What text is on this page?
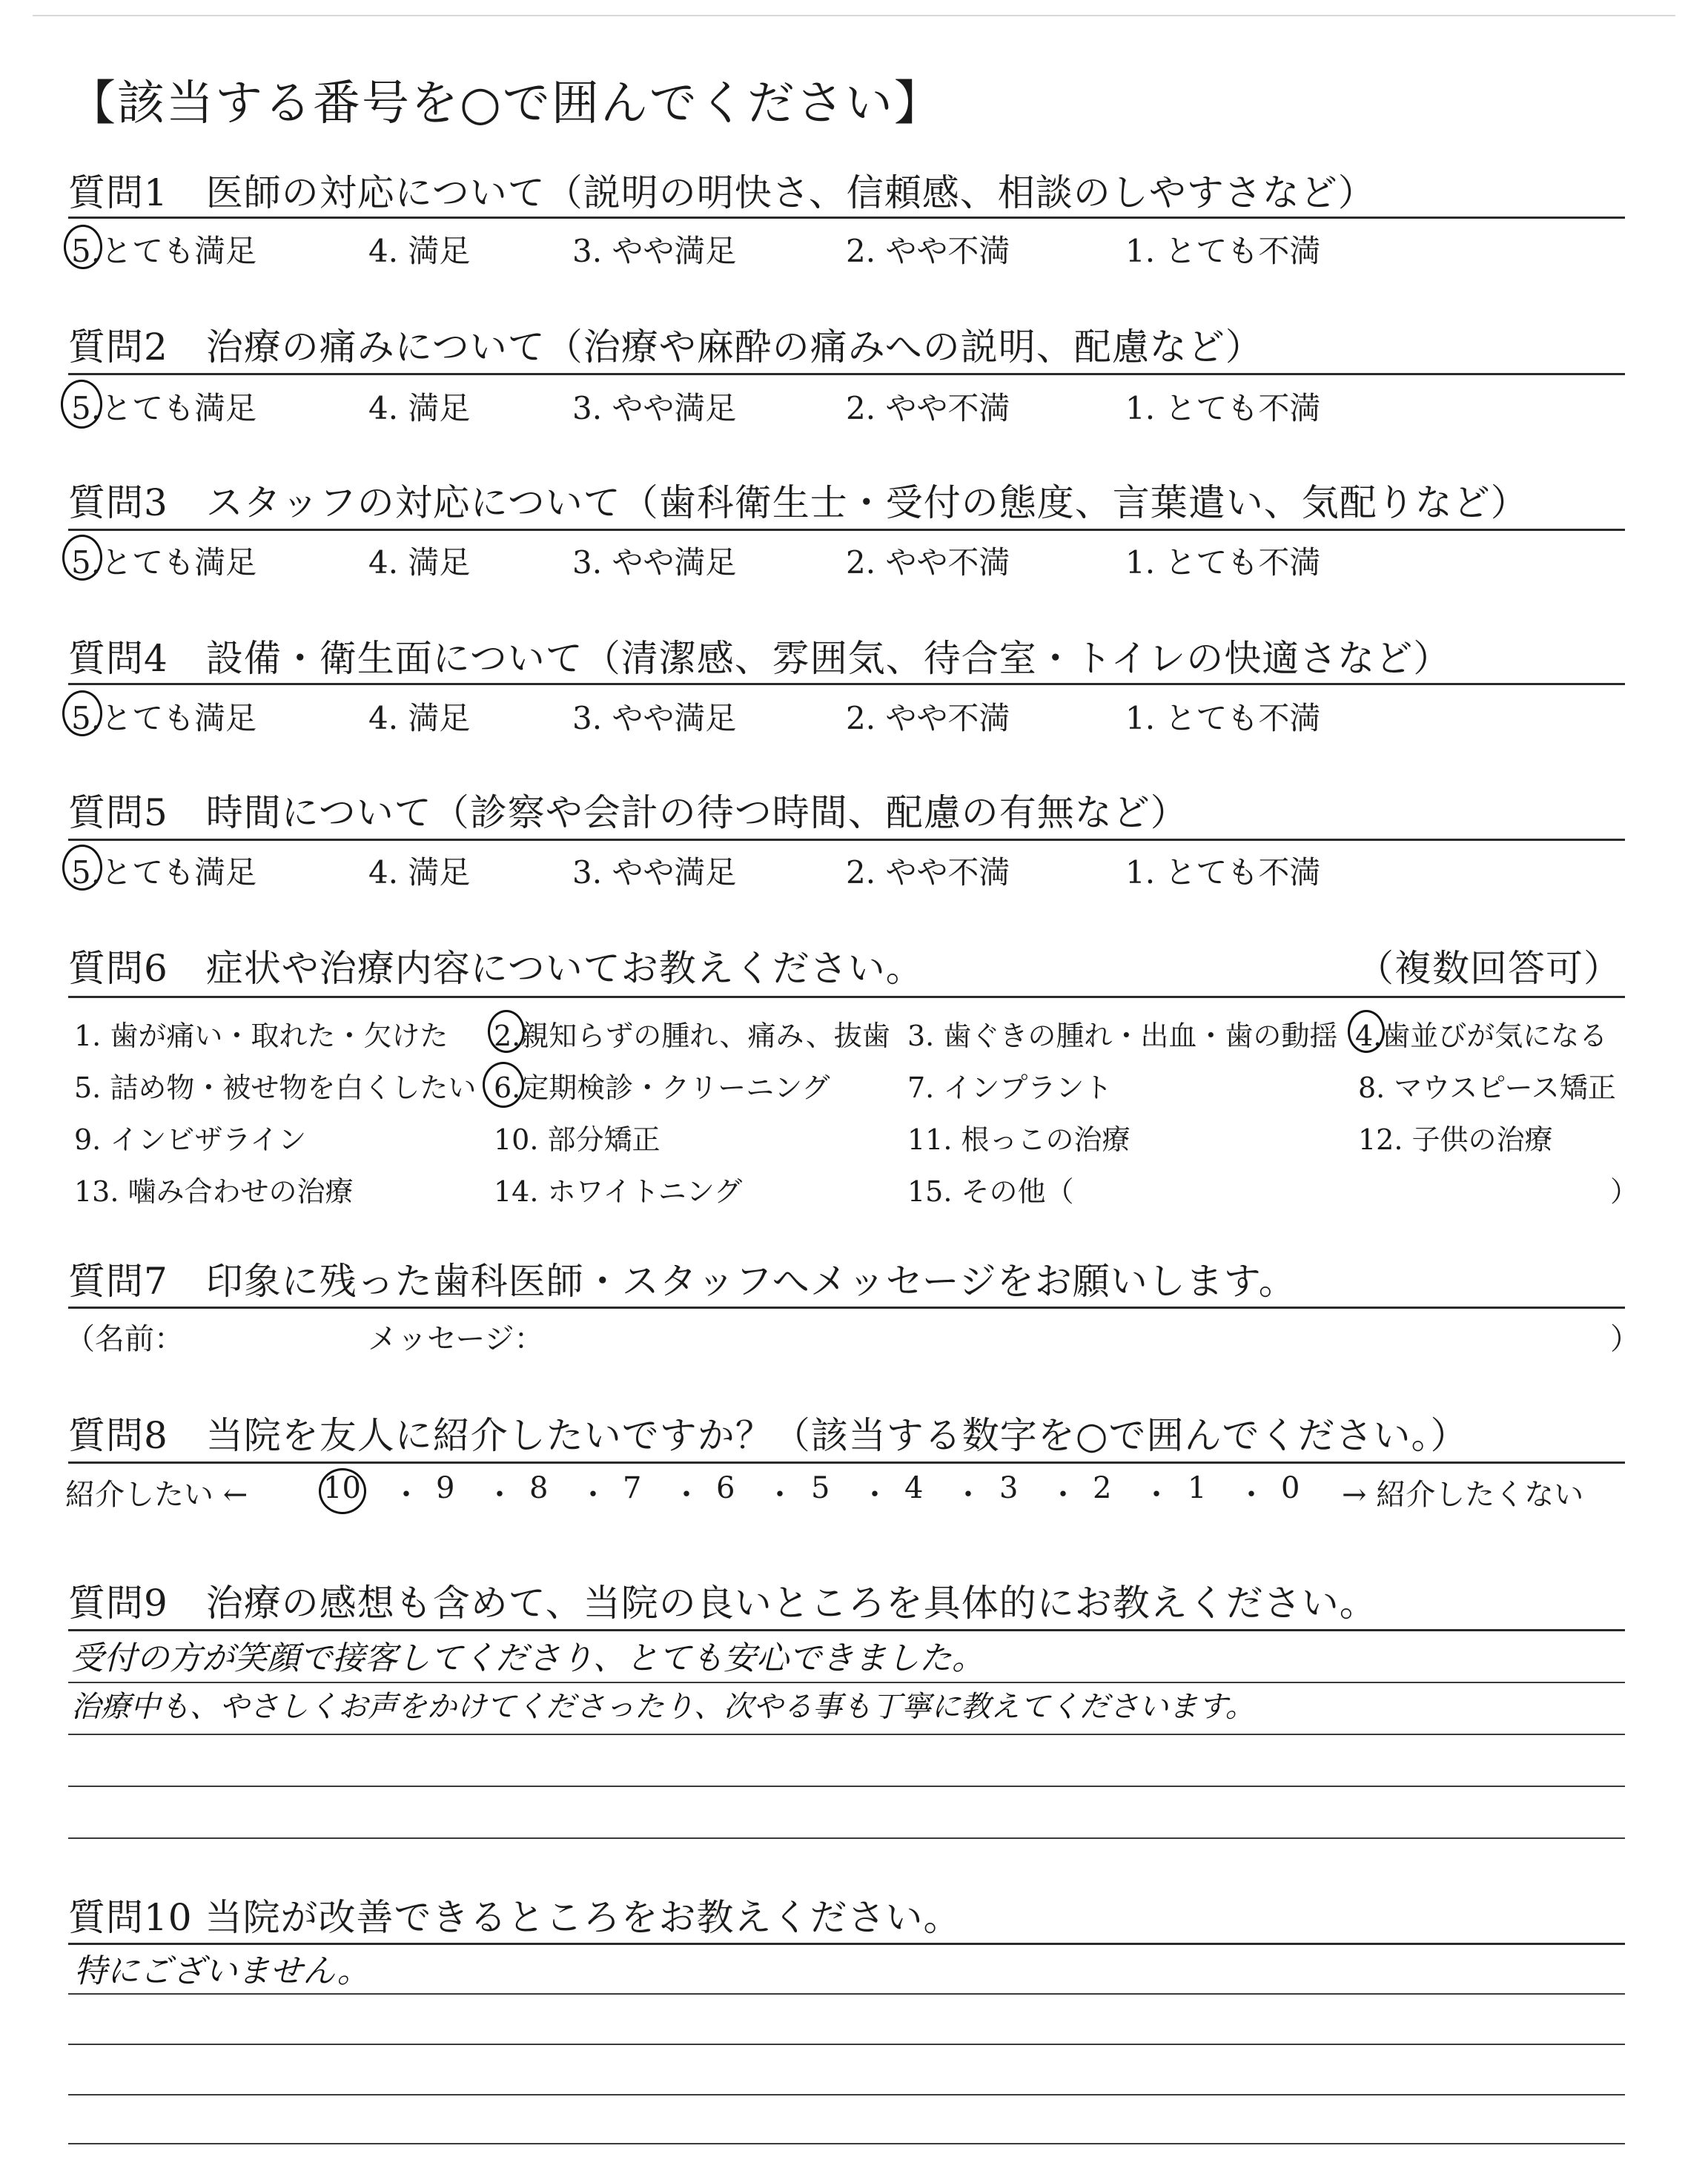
【該当する番号を○で囲んでください】
質問1　医師の対応について（説明の明快さ、信頼感、相談のしやすさなど）
5.とても満足	4. 満足	3. やや満足	2. やや不満	1. とても不満
質問2　治療の痛みについて（治療や麻酔の痛みへの説明、配慮など）
5.とても満足	4. 満足	3. やや満足	2. やや不満	1. とても不満
質問3　スタッフの対応について（歯科衛生士・受付の態度、言葉遣い、気配りなど）
5.とても満足	4. 満足	3. やや満足	2. やや不満	1. とても不満
質問4　設備・衛生面について（清潔感、雰囲気、待合室・トイレの快適さなど）
5.とても満足	4. 満足	3. やや満足	2. やや不満	1. とても不満
質問5　時間について（診察や会計の待つ時間、配慮の有無など）
5.とても満足	4. 満足	3. やや満足	2. やや不満	1. とても不満
質問6　症状や治療内容についてお教えください。	（複数回答可）
1. 歯が痛い・取れた・欠けた 2.親知らずの腫れ、痛み、抜歯 3. 歯ぐきの腫れ・出血・歯の動揺 4.歯並びが気になる
5. 詰め物・被せ物を白くしたい 6.定期検診・クリーニング	7. インプラント	8. マウスピース矯正
9. インビザライン	10. 部分矯正	11. 根っこの治療	12. 子供の治療
13. 噛み合わせの治療	14. ホワイトニング	15. その他（	）
質問7　印象に残った歯科医師・スタッフへメッセージをお願いします。
（名前：	メッセージ：	）
質問8　当院を友人に紹介したいですか？（該当する数字を○で囲んでください。）
紹介したい ←	10 ・ 9 ・ 8 ・ 7 ・ 6 ・ 5 ・ 4 ・ 3 ・ 2 ・ 1 ・ 0 → 紹介したくない
質問9　治療の感想も含めて、当院の良いところを具体的にお教えください。
受付の方が笑顔で接客してくださり、とても安心できました。
治療中も、やさしくお声をかけてくださったり、次やる事も丁寧に教えてくださいます。
質問10 当院が改善できるところをお教えください。
特にございません。
